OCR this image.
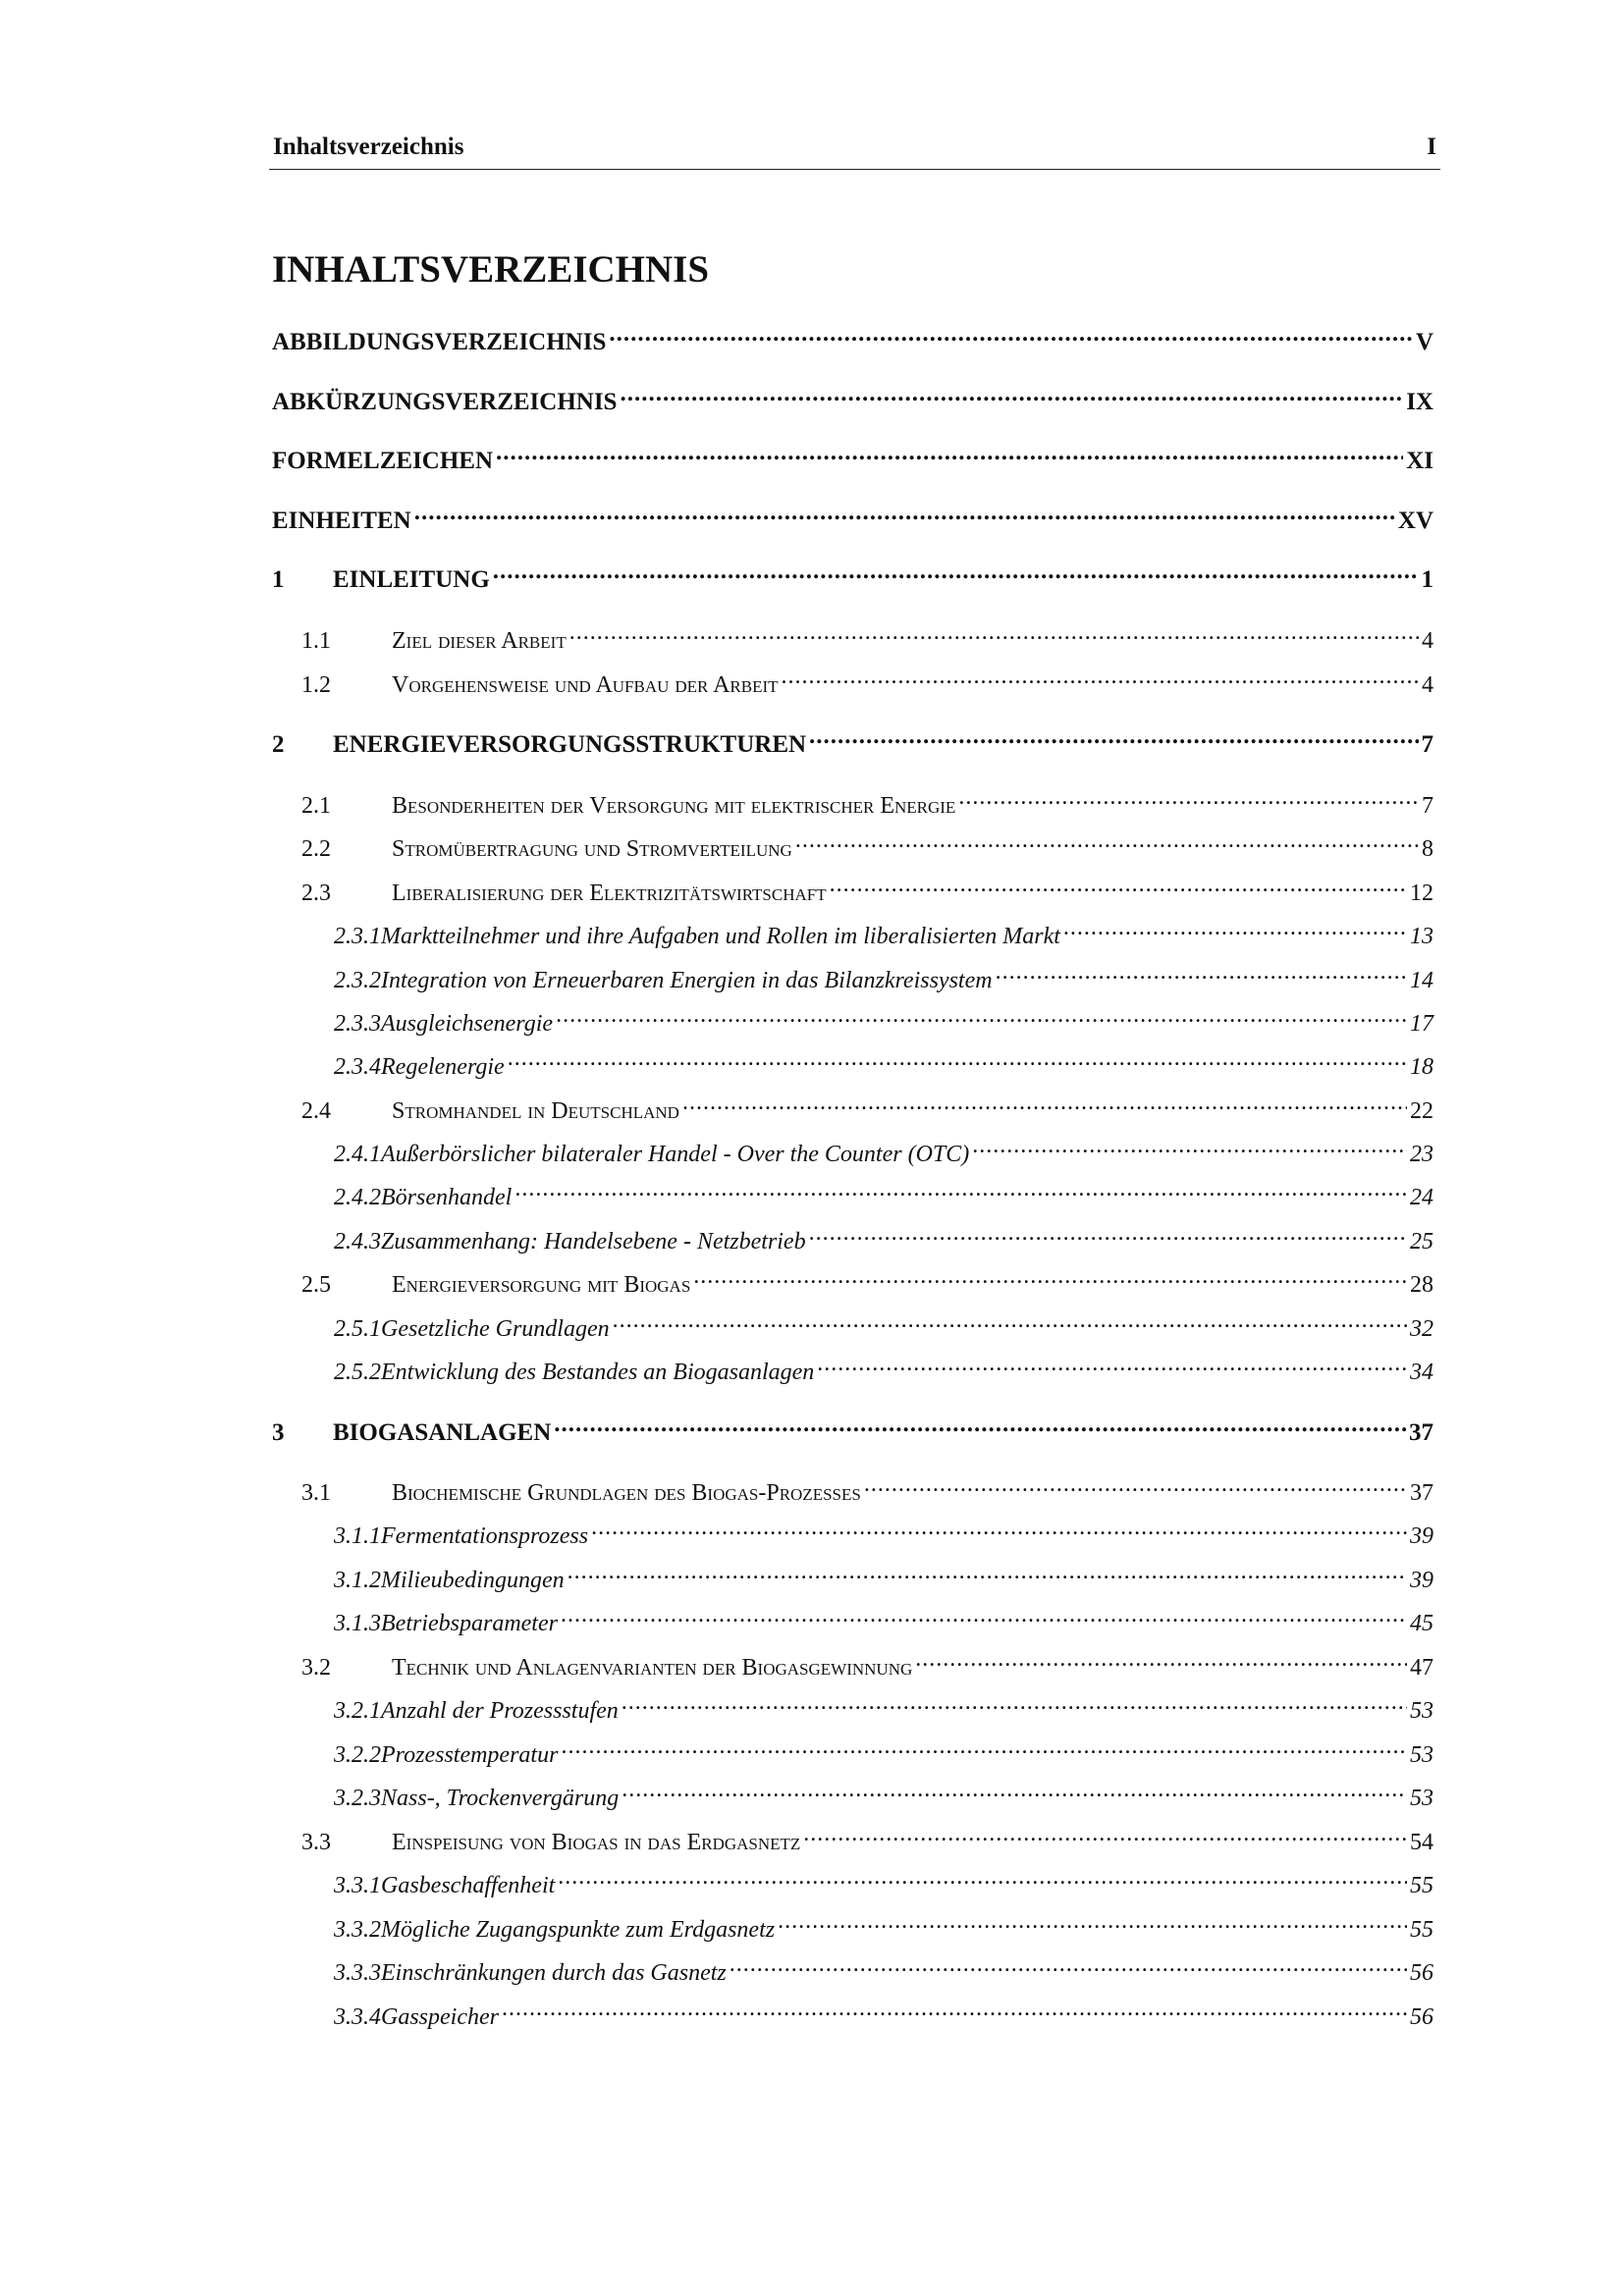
Inhaltsverzeichnis	I
INHALTSVERZEICHNIS
ABBILDUNGSVERZEICHNIS .....	V
ABKÜRZUNGSVERZEICHNIS .....	IX
FORMELZEICHEN .....	XI
EINHEITEN .....	XV
1 EINLEITUNG .....	1
1.1	Ziel dieser Arbeit .....	4
1.2	Vorgehensweise und Aufbau der Arbeit .....	4
2 ENERGIEVERSORGUNGSSTRUKTUREN .....	7
2.1	Besonderheiten der Versorgung mit elektrischer Energie .....	7
2.2	Stromübertragung und Stromverteilung .....	8
2.3	Liberalisierung der Elektrizitätswirtschaft .....	12
2.3.1Marktteilnehmer und ihre Aufgaben und Rollen im liberalisierten Markt .....	13
2.3.2Integration von Erneuerbaren Energien in das Bilanzkreissystem .....	14
2.3.3Ausgleichsenergie .....	17
2.3.4Regelenergie .....	18
2.4	Stromhandel in Deutschland .....	22
2.4.1Außerbörslicher bilateraler Handel - Over the Counter (OTC) .....	23
2.4.2Börsenhandel .....	24
2.4.3Zusammenhang: Handelsebene - Netzbetrieb .....	25
2.5	Energieversorgung mit Biogas .....	28
2.5.1Gesetzliche Grundlagen .....	32
2.5.2Entwicklung des Bestandes an Biogasanlagen .....	34
3 BIOGASANLAGEN .....	37
3.1	Biochemische Grundlagen des Biogas-Prozesses .....	37
3.1.1Fermentationsprozess .....	39
3.1.2Milieubedingungen .....	39
3.1.3Betriebsparameter .....	45
3.2	Technik und Anlagenvarianten der Biogasgewinnung .....	47
3.2.1Anzahl der Prozessstufen .....	53
3.2.2Prozesstemperatur .....	53
3.2.3Nass-, Trockenvergärung .....	53
3.3	Einspeisung von Biogas in das Erdgasnetz .....	54
3.3.1Gasbeschaffenheit .....	55
3.3.2Mögliche Zugangspunkte zum Erdgasnetz .....	55
3.3.3Einschränkungen durch das Gasnetz .....	56
3.3.4Gasspeicher .....	56
